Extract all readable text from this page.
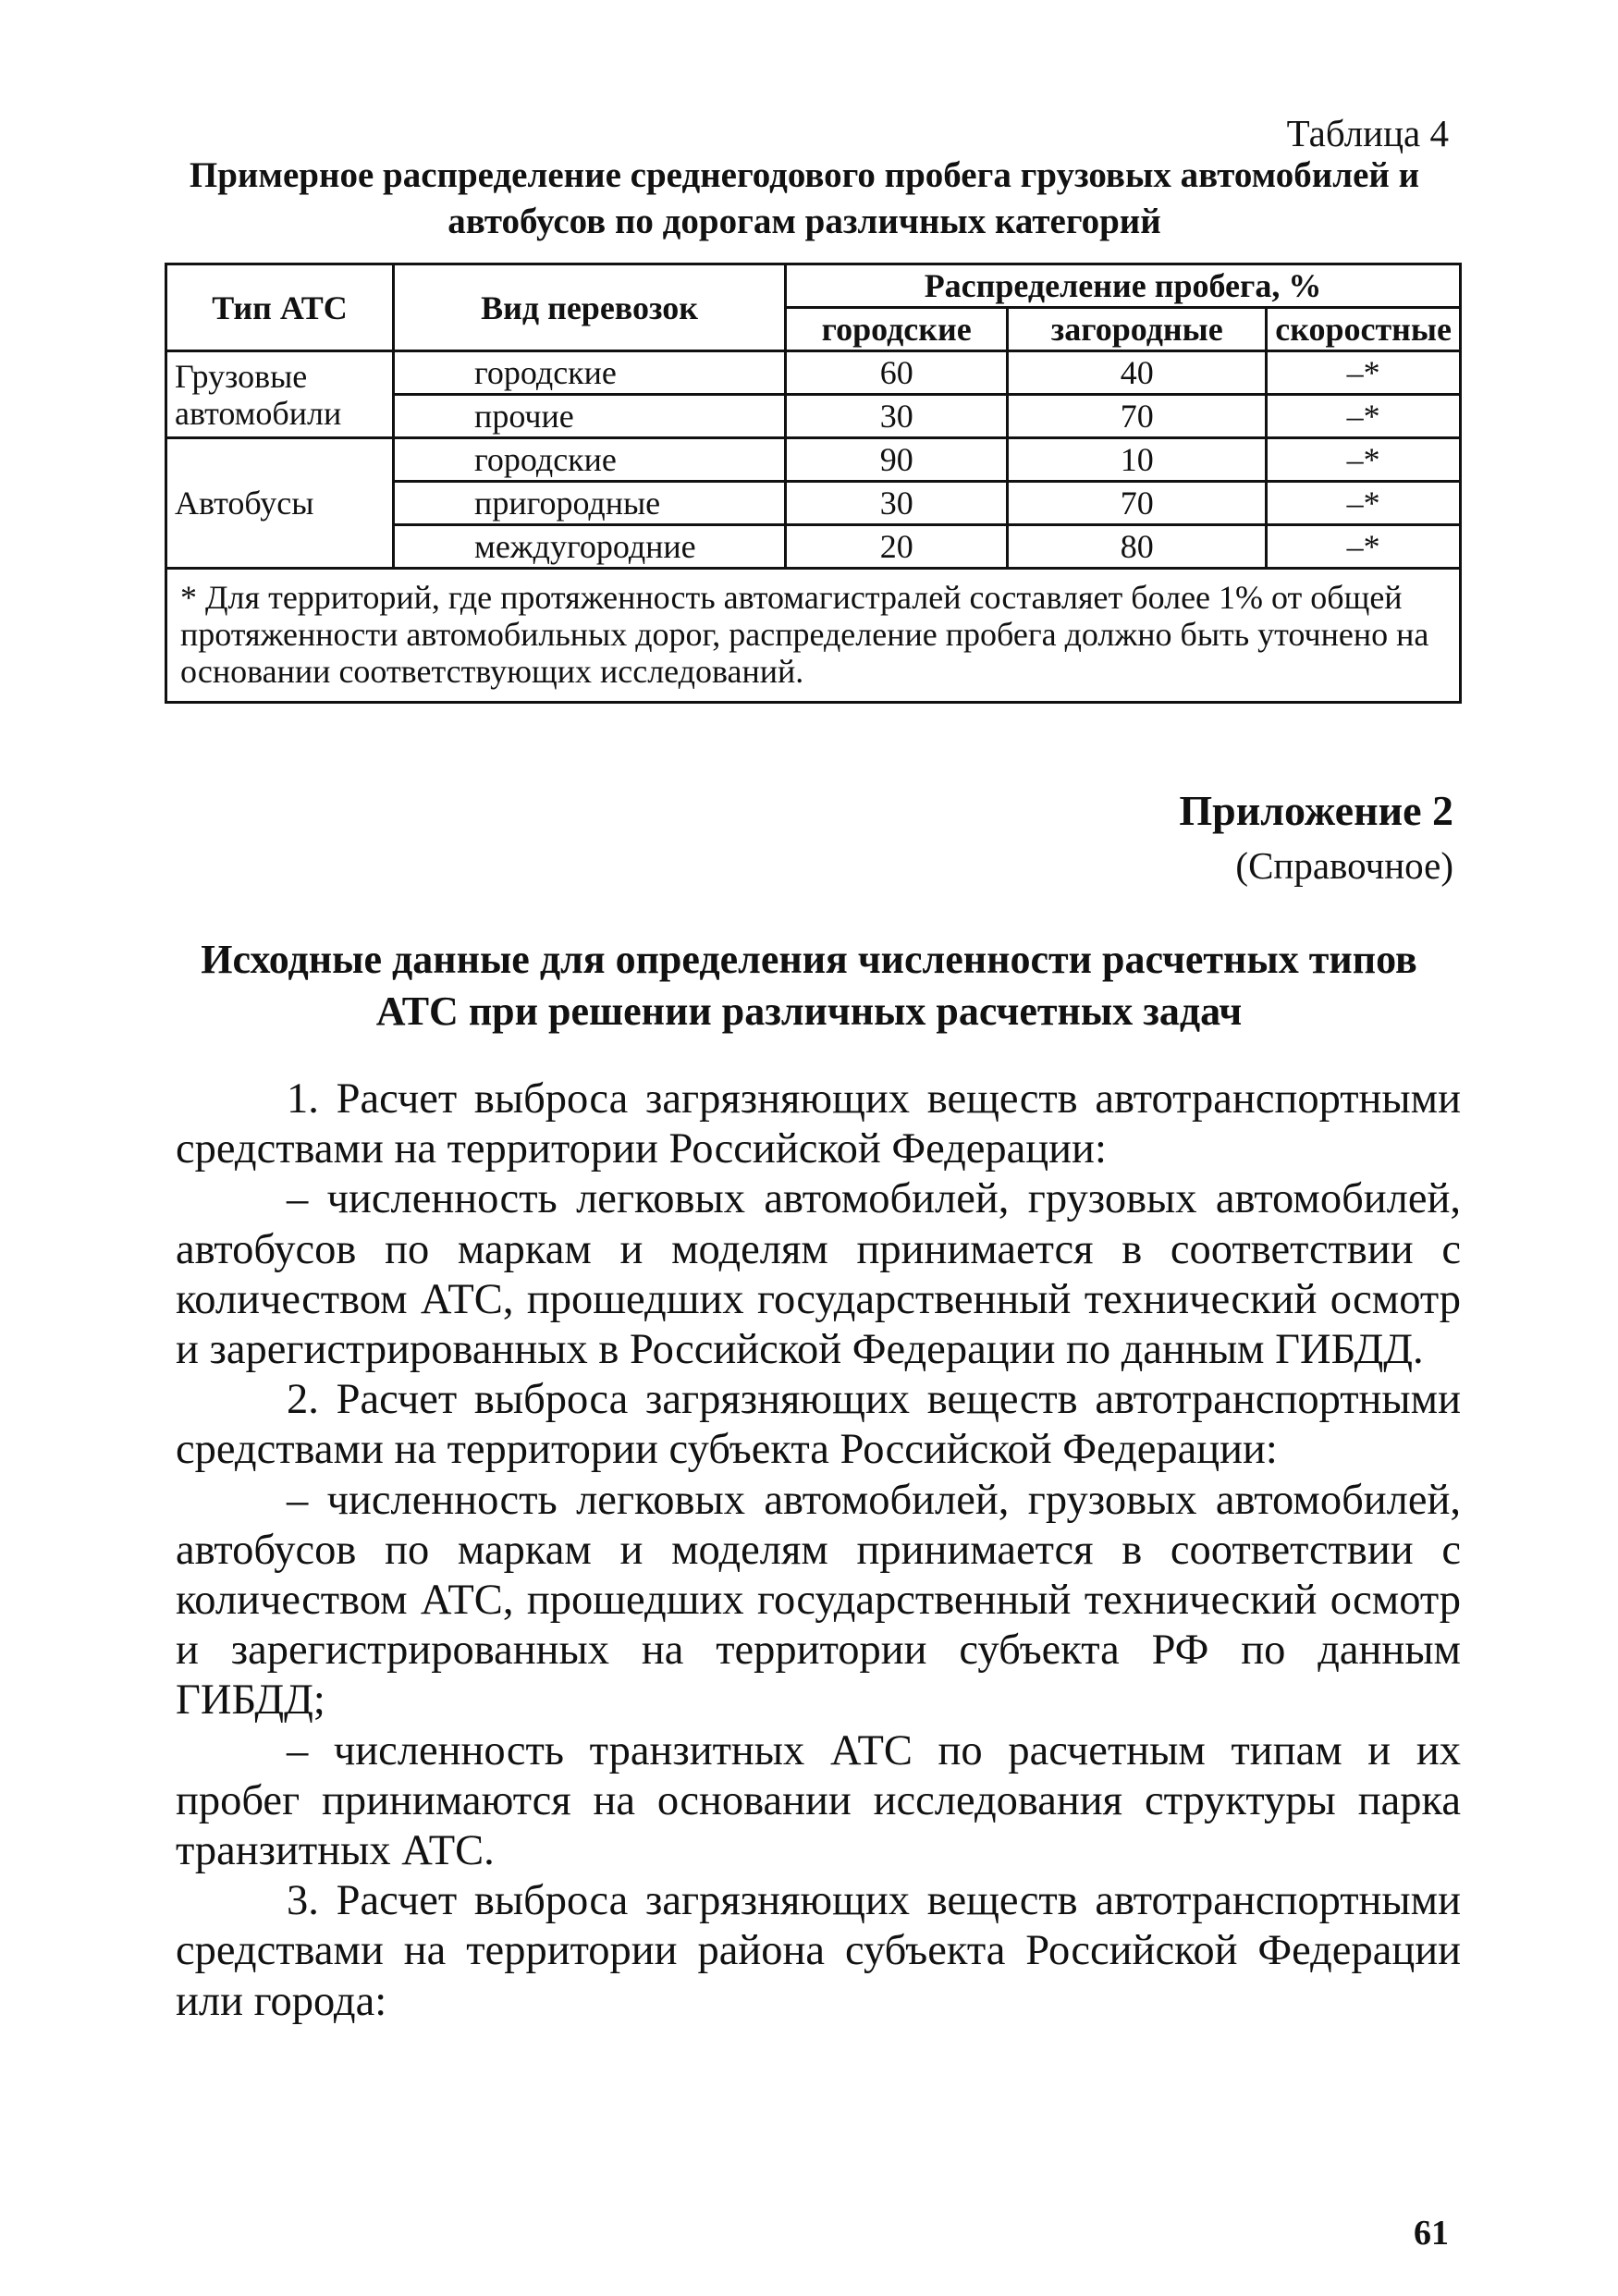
Таблица 4
Примерное распределение среднегодового пробега грузовых автомобилей и автобусов по дорогам различных категорий
Тип АТС	Вид перевозок	Распределение пробега, %		
		городские	загородные	скоростные
Грузовые автомобили	городские	60	40	–*
	прочие	30	70	–*
Автобусы	городские	90	10	–*
	пригородные	30	70	–*
	междугородние	20	80	–*
* Для территорий, где протяженность автомагистралей составляет более 1% от общей протяженности автомобильных дорог, распределение пробега должно быть уточнено на основании соответствующих исследований.				
Приложение 2
(Справочное)
Исходные данные для определения численности расчетных типов АТС при решении различных расчетных задач

1. Расчет выброса загрязняющих веществ автотранспортными средствами на территории Российской Федерации:

– численность легковых автомобилей, грузовых автомобилей, автобусов по маркам и моделям принимается в соответствии с количеством АТС, прошедших государственный технический осмотр и зарегистрированных в Российской Федерации по данным ГИБДД.

2. Расчет выброса загрязняющих веществ автотранспортными средствами на территории субъекта Российской Федерации:

– численность легковых автомобилей, грузовых автомобилей, автобусов по маркам и моделям принимается в соответствии с количеством АТС, прошедших государственный технический осмотр и зарегистрированных на территории субъекта РФ по данным ГИБДД;

– численность транзитных АТС по расчетным типам и их пробег принимаются на основании исследования структуры парка транзитных АТС.

3. Расчет выброса загрязняющих веществ автотранспортными средствами на территории района субъекта Российской Федерации или города:

61
